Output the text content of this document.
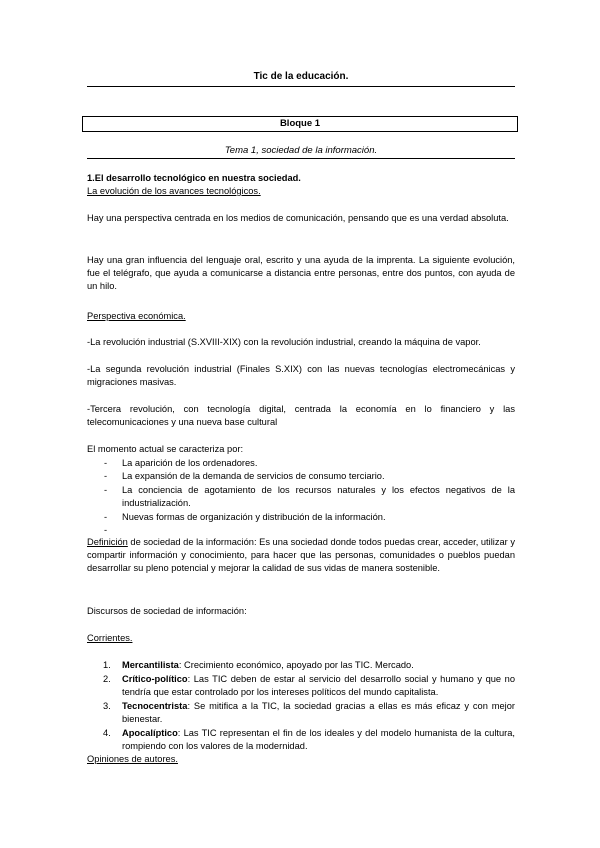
Tic de la educación.

Bloque 1

Tema 1, sociedad de la información.

1.El desarrollo tecnológico en nuestra sociedad.

La evolución de los avances tecnológicos.

Hay una perspectiva centrada en los medios de comunicación, pensando que es una verdad absoluta.

Hay una gran influencia del lenguaje oral, escrito y una ayuda de la imprenta. La siguiente evolución, fue el telégrafo, que ayuda a comunicarse a distancia entre personas, entre dos puntos, con ayuda de un hilo.

Perspectiva económica.

-La revolución industrial (S.XVIII-XIX) con la revolución industrial, creando la máquina de vapor.

-La segunda revolución industrial (Finales S.XIX) con las nuevas tecnologías electromecánicas y migraciones masivas.

-Tercera revolución, con tecnología digital, centrada la economía en lo financiero y las telecomunicaciones y una nueva base cultural

El momento actual se caracteriza por:

- La aparición de los ordenadores.

- La expansión de la demanda de servicios de consumo terciario.

- La conciencia de agotamiento de los recursos naturales y los efectos negativos de la industrialización.

- Nuevas formas de organización y distribución de la información.

-

Definición de sociedad de la información: Es una sociedad donde todos puedas crear, acceder, utilizar y compartir información y conocimiento, para hacer que las personas, comunidades o pueblos puedan desarrollar su pleno potencial y mejorar la calidad de sus vidas de manera sostenible.

Discursos de sociedad de información:

Corrientes.

1.	Mercantilista: Crecimiento económico, apoyado por las TIC. Mercado.

2.	Crítico-político: Las TIC deben de estar al servicio del desarrollo social y humano y que no tendría que estar controlado por los intereses políticos del mundo capitalista.

3.	Tecnocentrista: Se mitifica a la TIC, la sociedad gracias a ellas es más eficaz y con mejor bienestar.

4.	Apocalíptico: Las TIC representan el fin de los ideales y del modelo humanista de la cultura, rompiendo con los valores de la modernidad.

Opiniones de autores.
